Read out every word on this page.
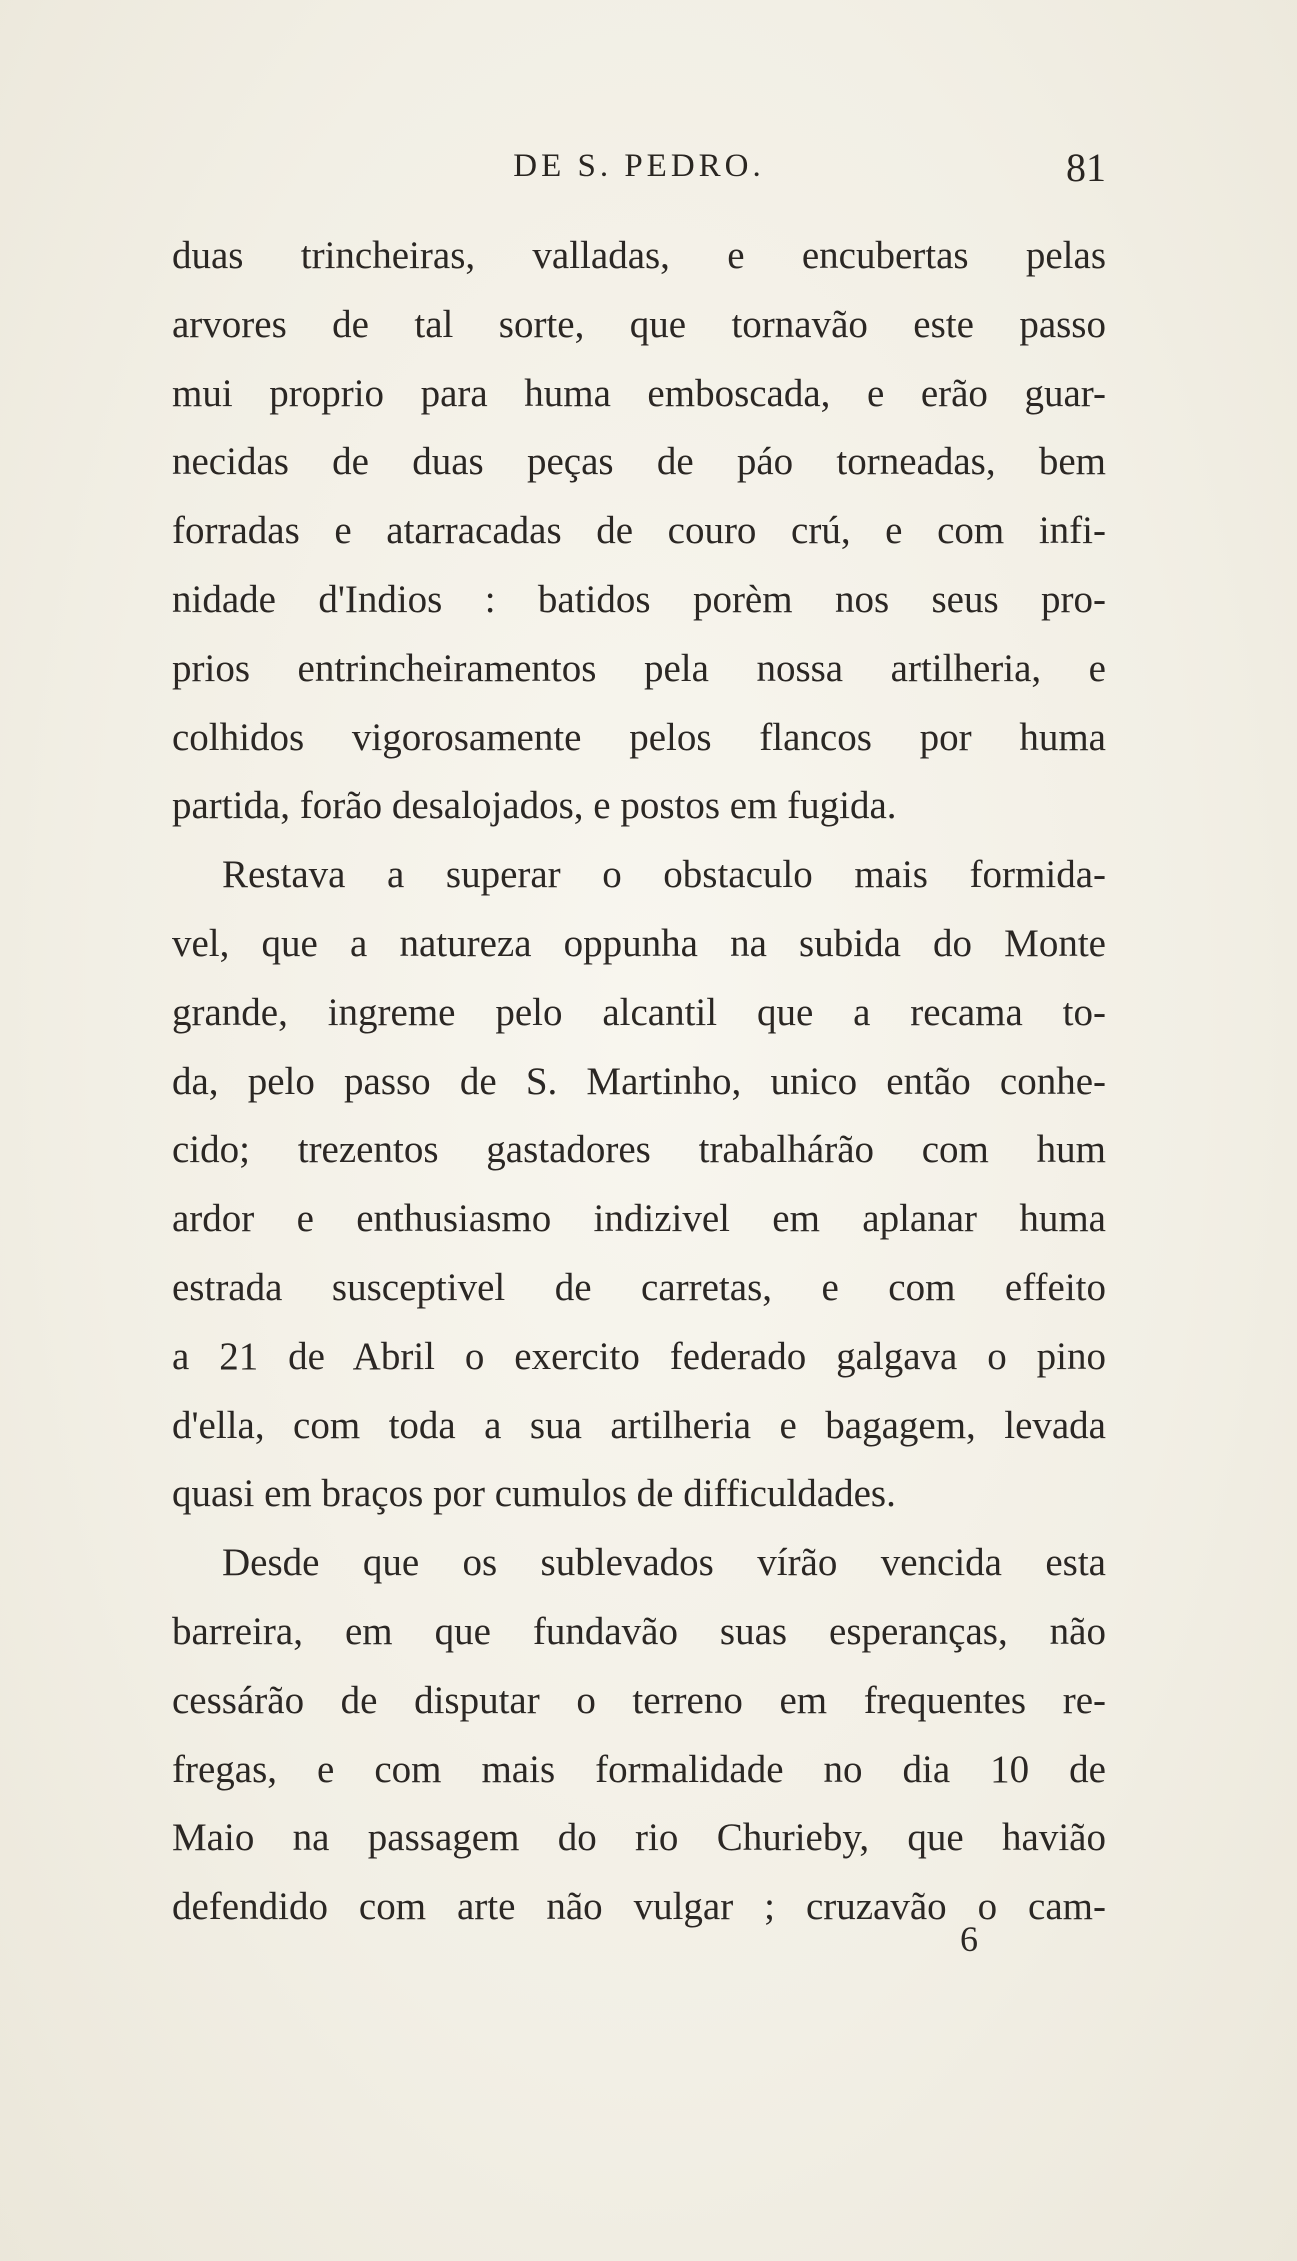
DE S. PEDRO.	81
duas trincheiras, valladas, e encubertas pelas
arvores de tal sorte, que tornavão este passo
mui proprio para huma emboscada, e erão guar-
necidas de duas peças de páo torneadas, bem
forradas e atarracadas de couro crú, e com infi-
nidade d'Indios : batidos porèm nos seus pro-
prios entrincheiramentos pela nossa artilheria, e
colhidos vigorosamente pelos flancos por huma
partida, forão desalojados, e postos em fugida.
Restava a superar o obstaculo mais formida-
vel, que a natureza oppunha na subida do Monte
grande, ingreme pelo alcantil que a recama to-
da, pelo passo de S. Martinho, unico então conhe-
cido; trezentos gastadores trabalhárão com hum
ardor e enthusiasmo indizivel em aplanar huma
estrada susceptivel de carretas, e com effeito
a 21 de Abril o exercito federado galgava o pino
d'ella, com toda a sua artilheria e bagagem, levada
quasi em braços por cumulos de difficuldades.
Desde que os sublevados vírão vencida esta
barreira, em que fundavão suas esperanças, não
cessárão de disputar o terreno em frequentes re-
fregas, e com mais formalidade no dia 10 de
Maio na passagem do rio Churieby, que havião
defendido com arte não vulgar ; cruzavão o cam-
6
